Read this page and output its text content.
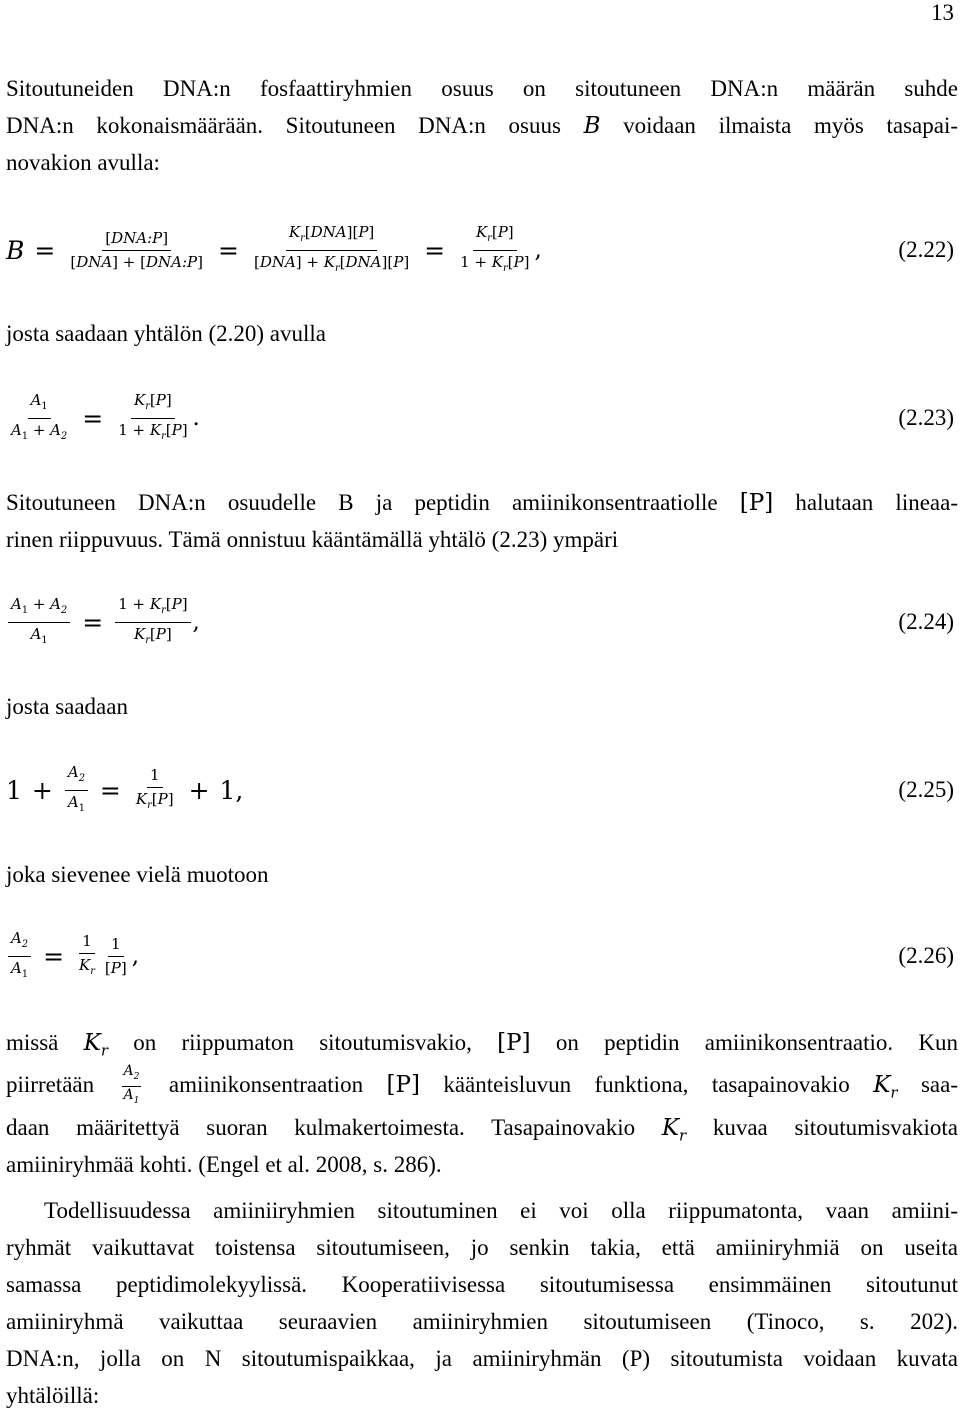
13
Sitoutuneiden DNA:n fosfaattiryhmien osuus on sitoutuneen DNA:n määrän suhde
DNA:n kokonaismäärään. Sitoutuneen DNA:n osuus B voidaan ilmaista myös tasapai-
novakion avulla:
$B = \frac{\text{[DNA:P]}}{\text{[DNA] + [DNA:P]}} = \frac{K_r[DNA][P]}{[DNA] + K_r[DNA][P]} = \frac{K_r[P]}{1 + K_r[P]}$ ,	(2.22)
josta saadaan yhtälön (2.20) avulla
$\frac{A_1}{A_1 + A_2} = \frac{K_r[P]}{1 + K_r[P]}$ .	(2.23)
Sitoutuneen DNA:n osuudelle B ja peptidin amiinikonsentraatiolle [P] halutaan lineaa-
rinen riippuvuus. Tämä onnistuu kääntämällä yhtälö (2.23) ympäri
$\frac{A_1 + A_2}{A_1} = \frac{1 + K_r[P]}{K_r[P]}$ ,	(2.24)
josta saadaan
$1 + \frac{A_2}{A_1} = \frac{1}{K_r[P]} + 1$,	(2.25)
joka sievenee vielä muotoon
$\frac{A_2}{A_1} = \frac{1}{K_r} \frac{1}{[P]}$ ,	(2.26)
missä $K_r$ on riippumaton sitoutumisvakio, [P] on peptidin amiinikonsentraatio. Kun
piirretään $\frac{A_2}{A_1}$ amiinikonsentraation [P] käänteisluvun funktiona, tasapainovakio $K_r$ saa-
daan määritettyä suoran kulmakertoimesta. Tasapainovakio $K_r$ kuvaa sitoutumisvakiota
amiiniryhmää kohti. (Engel et al. 2008, s. 286).
Todellisuudessa amiiniiryhmien sitoutuminen ei voi olla riippumatonta, vaan amiini-
ryhmät vaikuttavat toistensa sitoutumiseen, jo senkin takia, että amiiniryhmiä on useita
samassa peptidimolekyylissä. Kooperatiivisessa sitoutumisessa ensimmäinen sitoutunut
amiiniryhmä vaikuttaa seuraavien amiiniryhmien sitoutumiseen (Tinoco, s. 202).
DNA:n, jolla on N sitoutumispaikkaa, ja amiiniryhmän (P) sitoutumista voidaan kuvata
yhtälöillä:
